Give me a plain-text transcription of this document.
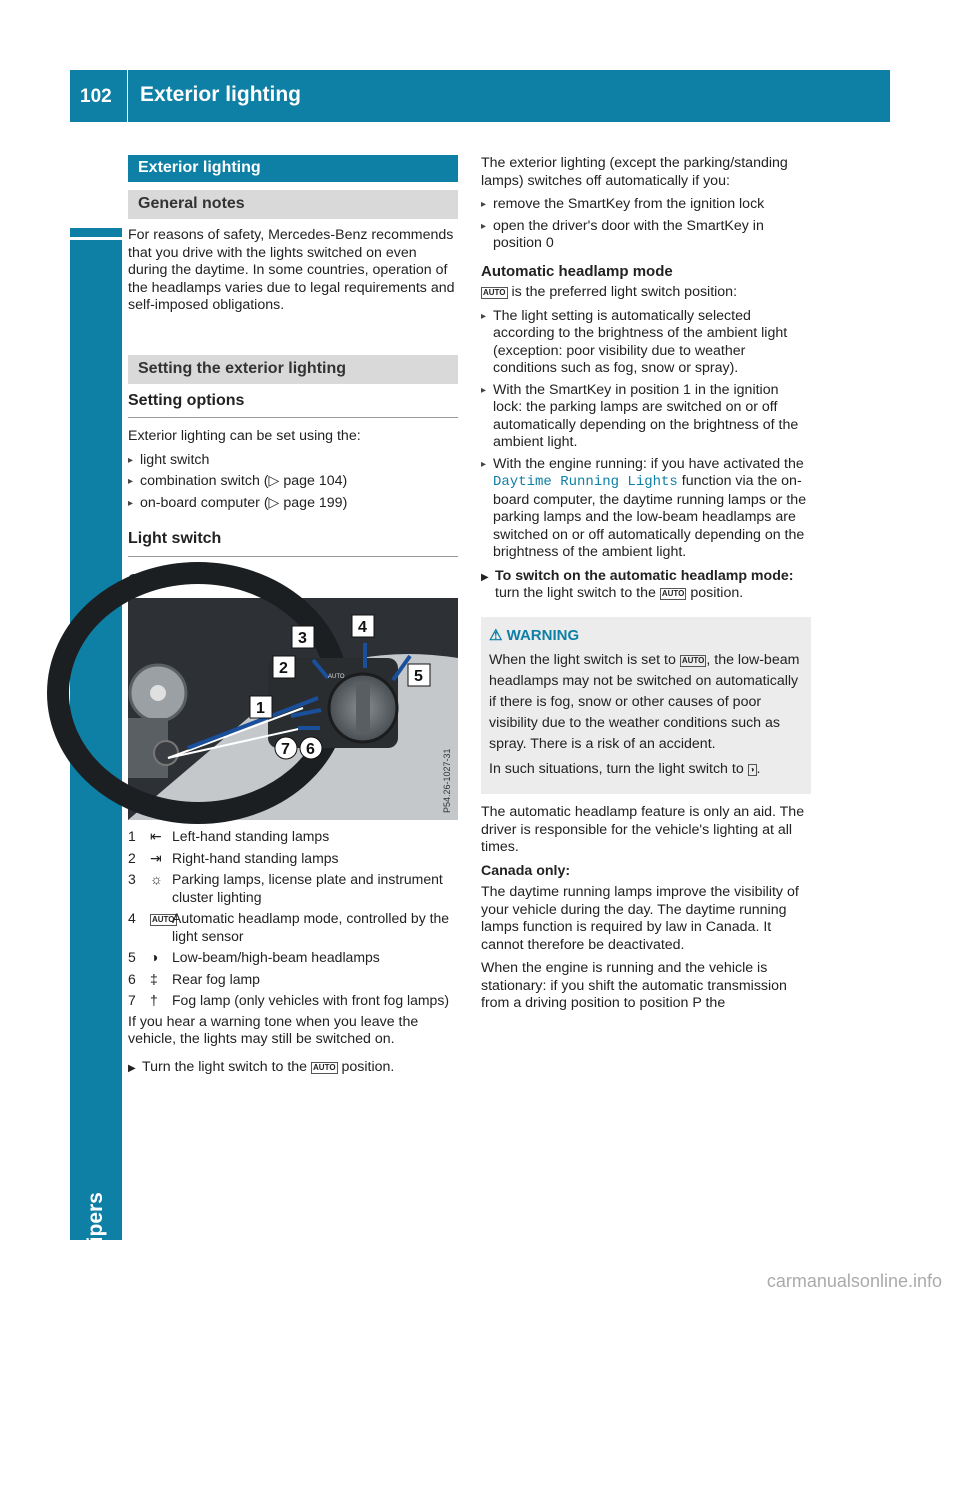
102 Exterior lighting
Lights and windshield wipers
Exterior lighting
General notes

For reasons of safety, Mercedes-Benz recommends that you drive with the lights switched on even during the daytime. In some countries, operation of the headlamps varies due to legal requirements and self-imposed obligations.

Setting the exterior lighting
Setting options

Exterior lighting can be set using the:

▸ light switch
▸ combination switch (▷ page 104)
▸ on-board computer (▷ page 199)
Light switch
Operation
3
4
5
2
1
7 6
AUTO
P54.26-1027-31
1	⇤ Left-hand standing lamps
2	⇥ Right-hand standing lamps
3	☼ Parking lamps, license plate and instrument cluster lighting
4	AUTO
Automatic headlamp mode, controlled by the light sensor
5	◑ Low-beam/high-beam headlamps
6	‡	Rear fog lamp
7	†	Fog lamp (only vehicles with front fog lamps)

If you hear a warning tone when you leave the vehicle, the lights may still be switched on.

▶ Turn the light switch to the AUTO position.

The exterior lighting (except the parking/standing lamps) switches off automatically if you:

▸ remove the SmartKey from the ignition lock
▸ open the driver's door with the SmartKey in position 0
Automatic headlamp mode

AUTO is the preferred light switch position:

▸ The light setting is automatically selected according to the brightness of the ambient light (exception: poor visibility due to weather conditions such as fog, snow or spray).
▸ With the SmartKey in position 1 in the ignition lock: the parking lamps are switched on or off automatically depending on the brightness of the ambient light.
▸ With the engine running: if you have activated the Daytime Running Lights function via the on-board computer, the daytime running lamps or the parking lamps and the low-beam headlamps are switched on or off automatically depending on the brightness of the ambient light.
▶ To switch on the automatic headlamp mode: turn the light switch to the AUTO position.
⚠ WARNING

When the light switch is set to AUTO , the low-beam headlamps may not be switched on automatically if there is fog, snow or other causes of poor visibility due to the weather conditions such as spray. There is a risk of an accident.

In such situations, turn the light switch to ◑ .

The automatic headlamp feature is only an aid. The driver is responsible for the vehicle's lighting at all times.

Canada only:

The daytime running lamps improve the visibility of your vehicle during the day. The daytime running lamps function is required by law in Canada. It cannot therefore be deactivated.

When the engine is running and the vehicle is stationary: if you shift the automatic transmission from a driving position to position P the

carmanualsonline.info
